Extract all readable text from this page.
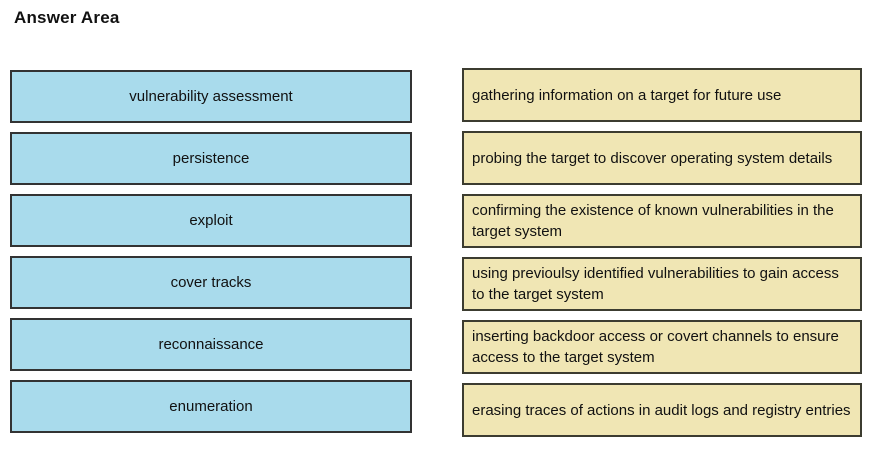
Answer Area
vulnerability assessment
persistence
exploit
cover tracks
reconnaissance
enumeration
gathering information on a target for future use
probing the target to discover operating system details
confirming the existence of known vulnerabilities in the target system
using previoulsy identified vulnerabilities to gain access to the target system
inserting backdoor access or covert channels to ensure access to the target system
erasing traces of actions in audit logs and registry entries
